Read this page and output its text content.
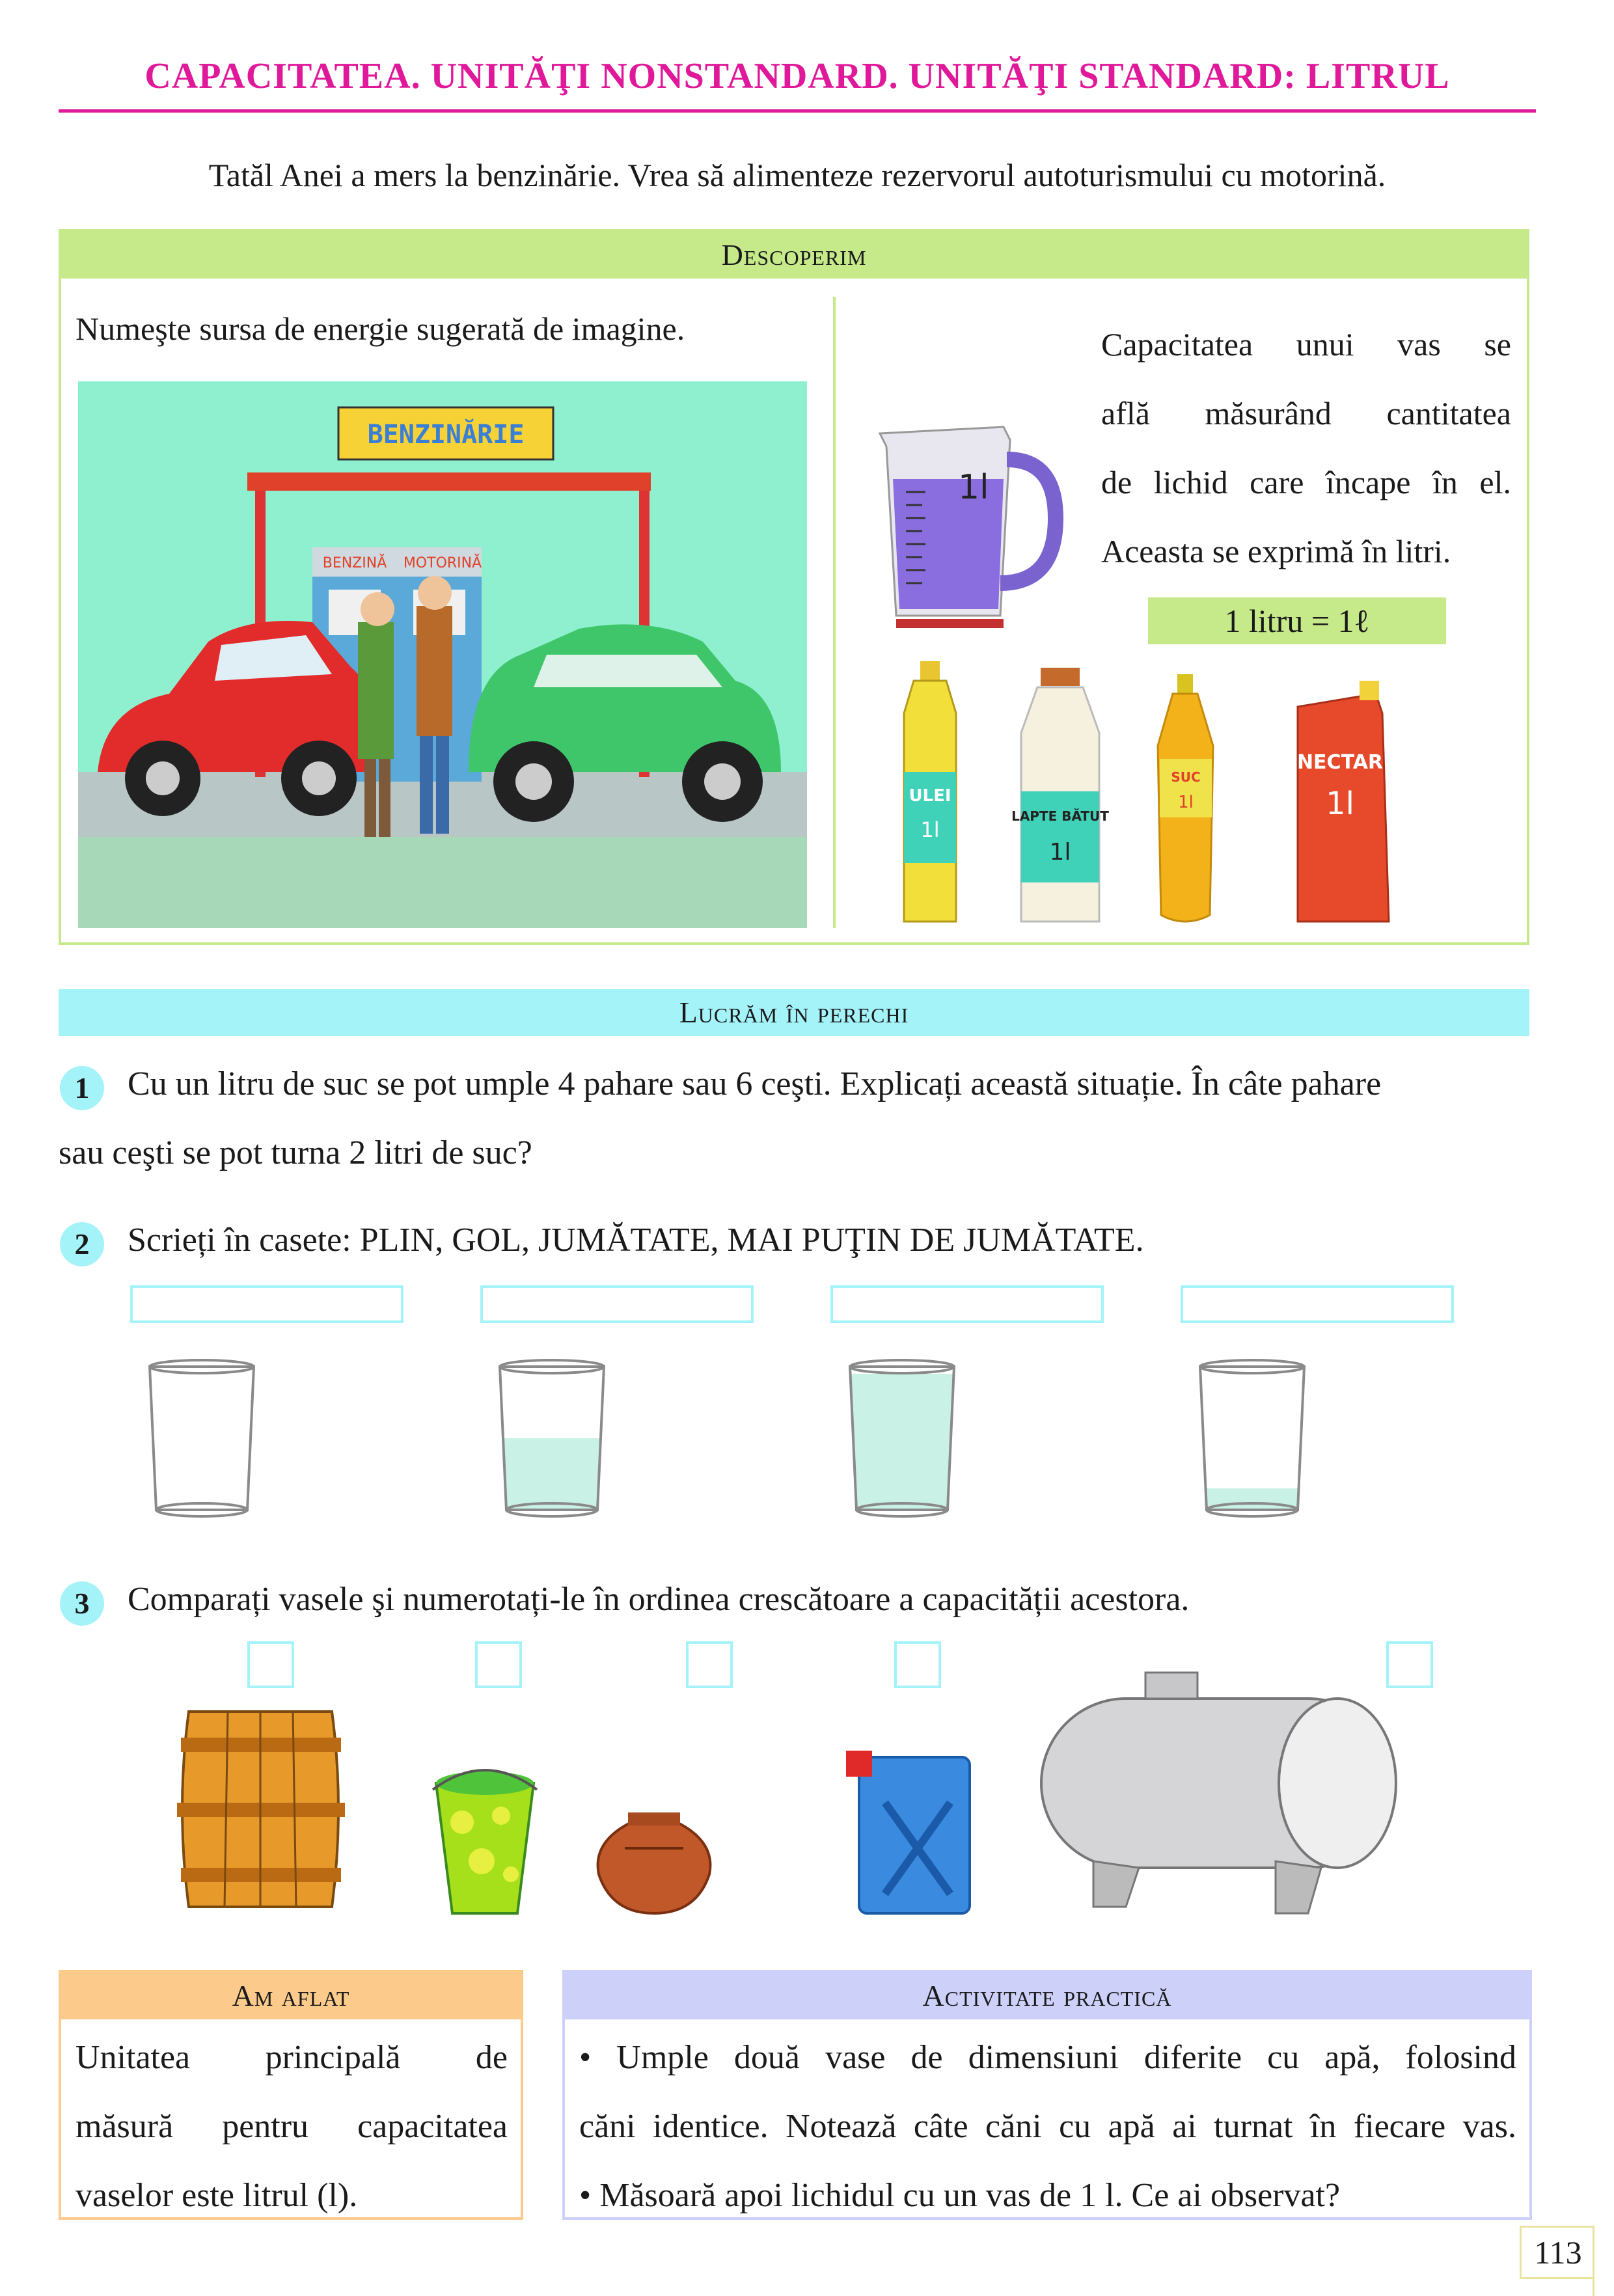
CAPACITATEA. UNITĂŢI NONSTANDARD. UNITĂŢI STANDARD: LITRUL
Tatăl Anei a mers la benzinărie. Vrea să alimenteze rezervorul autoturismului cu motorină.
Descoperim
Numeşte sursa de energie sugerată de imagine.
BENZINĂRIE
BENZINĂ MOTORINĂ
1l
Capacitatea unui vas se
află măsurând cantitatea
de lichid care încape în el.
Aceasta se exprimă în litri.
1 litru = 1ℓ
ULEI
1l
LAPTE BĂTUT
1l
SUC
1l
NECTAR
1l
Lucrăm în perechi
1	Cu un litru de suc se pot umple 4 pahare sau 6 ceşti. Explicați această situație. În câte pahare
sau ceşti se pot turna 2 litri de suc?
2	Scrieți în casete: PLIN, GOL, JUMĂTATE, MAI PUŢIN DE JUMĂTATE.
3	Comparați vasele şi numerotați-le în ordinea crescătoare a capacității acestora.
Am aflat
Unitatea principală de
măsură pentru capacitatea
vaselor este litrul (l).
Activitate practică
• Umple două vase de dimensiuni diferite cu apă, folosind
căni identice. Notează câte căni cu apă ai turnat în fiecare vas.
• Măsoară apoi lichidul cu un vas de 1 l. Ce ai observat?
113
